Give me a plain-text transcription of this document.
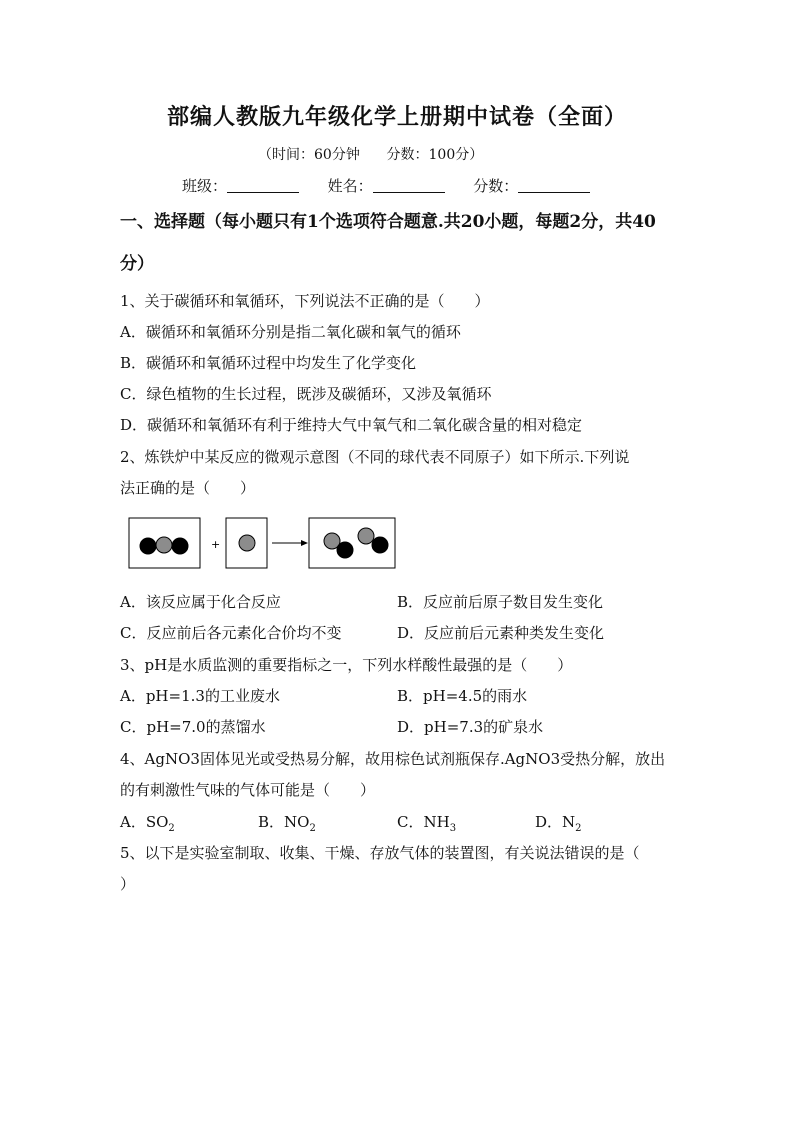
部编人教版九年级化学上册期中试卷（全面）
（时间：60分钟      分数：100分）
班级：	姓名：	分数：
一、选择题（每小题只有1个选项符合题意.共20小题，每题2分，共40分）
1、关于碳循环和氧循环，下列说法不正确的是（　　）
A．碳循环和氧循环分别是指二氧化碳和氧气的循环
B．碳循环和氧循环过程中均发生了化学变化
C．绿色植物的生长过程，既涉及碳循环，又涉及氧循环
D．碳循环和氧循环有利于维持大气中氧气和二氧化碳含量的相对稳定
2、炼铁炉中某反应的微观示意图（不同的球代表不同原子）如下所示.下列说
法正确的是（　　）
+
A．该反应属于化合反应	B．反应前后原子数目发生变化
C．反应前后各元素化合价均不变	D．反应前后元素种类发生变化
3、pH是水质监测的重要指标之一，下列水样酸性最强的是（　　）
A．pH=1.3的工业废水	B．pH=4.5的雨水
C．pH=7.0的蒸馏水	D．pH=7.3的矿泉水
4、AgNO3固体见光或受热易分解，故用棕色试剂瓶保存.AgNO3受热分解，放出
的有刺激性气味的气体可能是（　　）
A．$SO_2$	B．$NO_2$	C．$NH_3$	D．$N_2$
5、以下是实验室制取、收集、干燥、存放气体的装置图，有关说法错误的是（
）
